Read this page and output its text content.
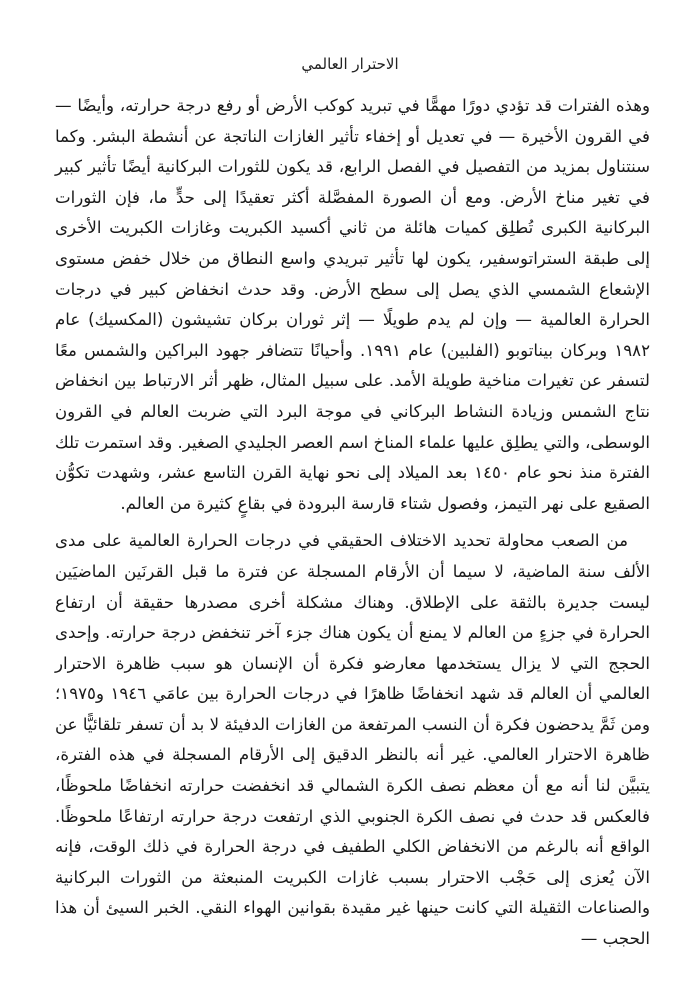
الاحترار العالمي

وهذه الفترات قد تؤدي دورًا مهمًّا في تبريد كوكب الأرض أو رفع درجة حرارته، وأيضًا — في القرون الأخيرة — في تعديل أو إخفاء تأثير الغازات الناتجة عن أنشطة البشر. وكما سنتناول بمزيد من التفصيل في الفصل الرابع، قد يكون للثورات البركانية أيضًا تأثير كبير في تغير مناخ الأرض. ومع أن الصورة المفصَّلة أكثر تعقيدًا إلى حدٍّ ما، فإن الثورات البركانية الكبرى تُطلِق كميات هائلة من ثاني أكسيد الكبريت وغازات الكبريت الأخرى إلى طبقة الستراتوسفير، يكون لها تأثير تبريدي واسع النطاق من خلال خفض مستوى الإشعاع الشمسي الذي يصل إلى سطح الأرض. وقد حدث انخفاض كبير في درجات الحرارة العالمية — وإن لم يدم طويلًا — إثر ثوران بركان تشيشون (المكسيك) عام ١٩٨٢ وبركان بيناتوبو (الفلبين) عام ١٩٩١. وأحيانًا تتضافر جهود البراكين والشمس معًا لتسفر عن تغيرات مناخية طويلة الأمد. على سبيل المثال، ظهر أثر الارتباط بين انخفاض نتاج الشمس وزيادة النشاط البركاني في موجة البرد التي ضربت العالم في القرون الوسطى، والتي يطلِق عليها علماء المناخ اسم العصر الجليدي الصغير. وقد استمرت تلك الفترة منذ نحو عام ١٤٥٠ بعد الميلاد إلى نحو نهاية القرن التاسع عشر، وشهدت تكوُّن الصقيع على نهر التيمز، وفصول شتاء قارسة البرودة في بقاعٍ كثيرة من العالم.

من الصعب محاولة تحديد الاختلاف الحقيقي في درجات الحرارة العالمية على مدى الألف سنة الماضية، لا سيما أن الأرقام المسجلة عن فترة ما قبل القرنَين الماضيَين ليست جديرة بالثقة على الإطلاق. وهناك مشكلة أخرى مصدرها حقيقة أن ارتفاع الحرارة في جزءٍ من العالم لا يمنع أن يكون هناك جزء آخر تنخفض درجة حرارته. وإحدى الحجج التي لا يزال يستخدمها معارضو فكرة أن الإنسان هو سبب ظاهرة الاحترار العالمي أن العالم قد شهد انخفاضًا ظاهرًا في درجات الحرارة بين عامَي ١٩٤٦ و١٩٧٥؛ ومن ثَمَّ يدحضون فكرة أن النسب المرتفعة من الغازات الدفيئة لا بد أن تسفر تلقائيًّا عن ظاهرة الاحترار العالمي. غير أنه بالنظر الدقيق إلى الأرقام المسجلة في هذه الفترة، يتبيَّن لنا أنه مع أن معظم نصف الكرة الشمالي قد انخفضت حرارته انخفاضًا ملحوظًا، فالعكس قد حدث في نصف الكرة الجنوبي الذي ارتفعت درجة حرارته ارتفاعًا ملحوظًا. الواقع أنه بالرغم من الانخفاض الكلي الطفيف في درجة الحرارة في ذلك الوقت، فإنه الآن يُعزى إلى حَجْب الاحترار بسبب غازات الكبريت المنبعثة من الثورات البركانية والصناعات الثقيلة التي كانت حينها غير مقيدة بقوانين الهواء النقي. الخبر السيئ أن هذا الحجب —
